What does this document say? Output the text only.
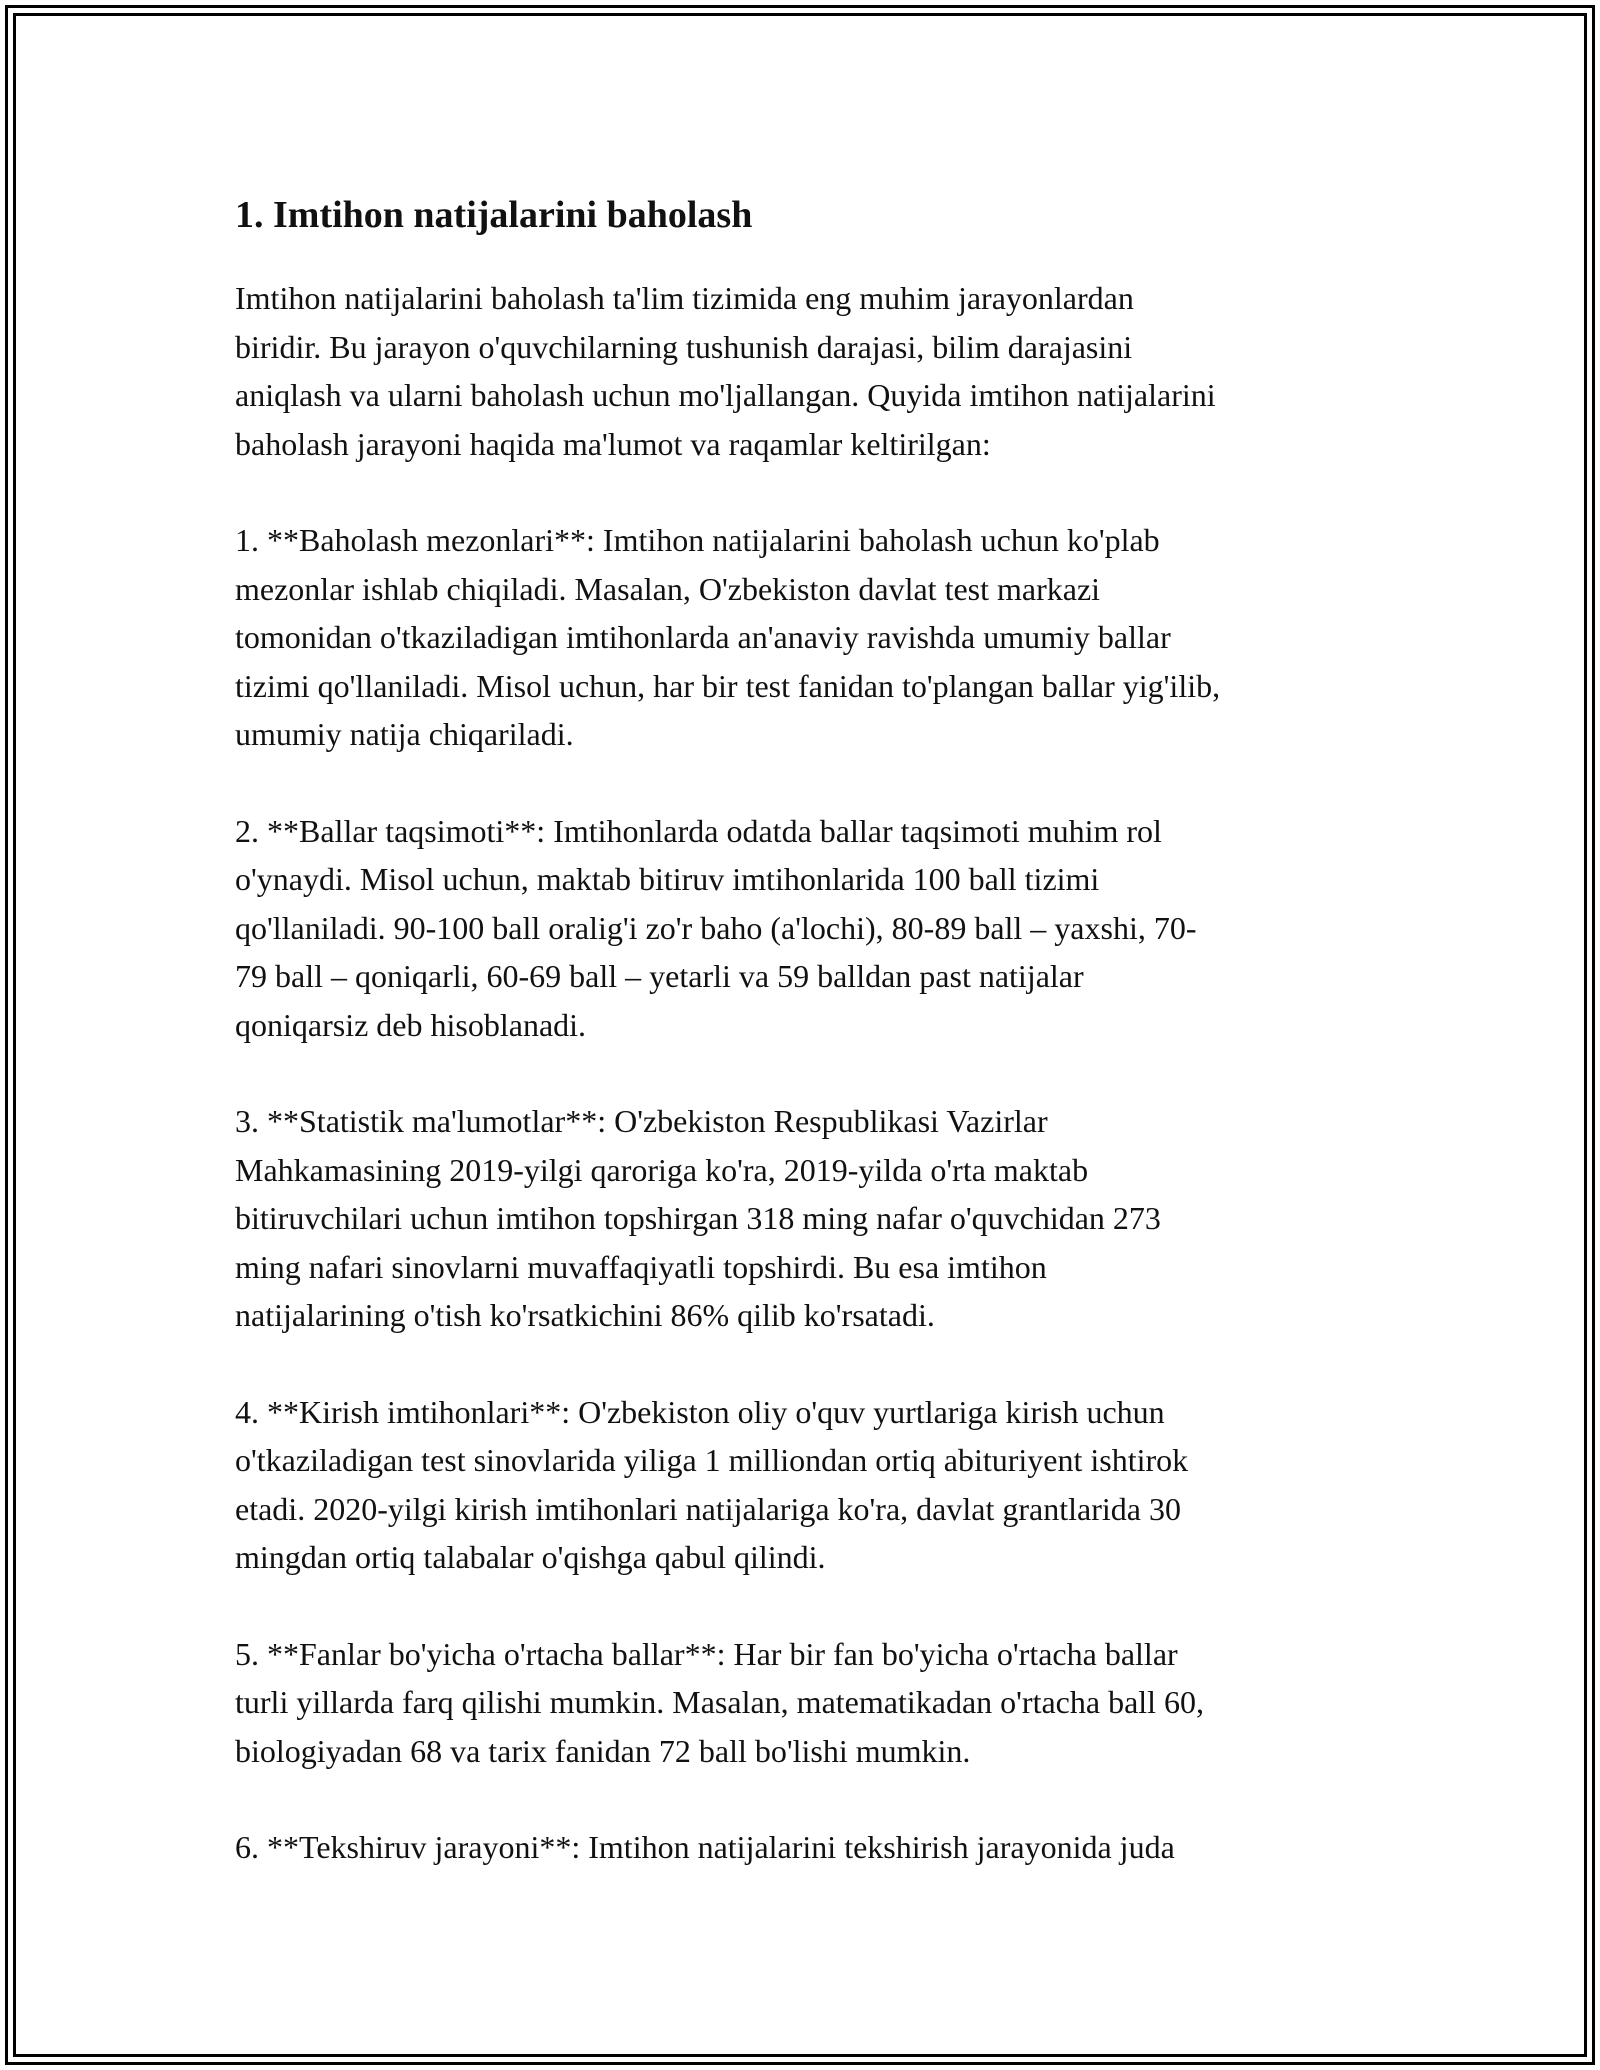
1. Imtihon natijalarini baholash

Imtihon natijalarini baholash ta'lim tizimida eng muhim jarayonlardan
biridir. Bu jarayon o'quvchilarning tushunish darajasi, bilim darajasini
aniqlash va ularni baholash uchun mo'ljallangan. Quyida imtihon natijalarini
baholash jarayoni haqida ma'lumot va raqamlar keltirilgan:

1. **Baholash mezonlari**: Imtihon natijalarini baholash uchun ko'plab
mezonlar ishlab chiqiladi. Masalan, O'zbekiston davlat test markazi
tomonidan o'tkaziladigan imtihonlarda an'anaviy ravishda umumiy ballar
tizimi qo'llaniladi. Misol uchun, har bir test fanidan to'plangan ballar yig'ilib,
umumiy natija chiqariladi.

2. **Ballar taqsimoti**: Imtihonlarda odatda ballar taqsimoti muhim rol
o'ynaydi. Misol uchun, maktab bitiruv imtihonlarida 100 ball tizimi
qo'llaniladi. 90-100 ball oralig'i zo'r baho (a'lochi), 80-89 ball – yaxshi, 70-
79 ball – qoniqarli, 60-69 ball – yetarli va 59 balldan past natijalar
qoniqarsiz deb hisoblanadi.

3. **Statistik ma'lumotlar**: O'zbekiston Respublikasi Vazirlar
Mahkamasining 2019-yilgi qaroriga ko'ra, 2019-yilda o'rta maktab
bitiruvchilari uchun imtihon topshirgan 318 ming nafar o'quvchidan 273
ming nafari sinovlarni muvaffaqiyatli topshirdi. Bu esa imtihon
natijalarining o'tish ko'rsatkichini 86% qilib ko'rsatadi.

4. **Kirish imtihonlari**: O'zbekiston oliy o'quv yurtlariga kirish uchun
o'tkaziladigan test sinovlarida yiliga 1 milliondan ortiq abituriyent ishtirok
etadi. 2020-yilgi kirish imtihonlari natijalariga ko'ra, davlat grantlarida 30
mingdan ortiq talabalar o'qishga qabul qilindi.

5. **Fanlar bo'yicha o'rtacha ballar**: Har bir fan bo'yicha o'rtacha ballar
turli yillarda farq qilishi mumkin. Masalan, matematikadan o'rtacha ball 60,
biologiyadan 68 va tarix fanidan 72 ball bo'lishi mumkin.

6. **Tekshiruv jarayoni**: Imtihon natijalarini tekshirish jarayonida juda
